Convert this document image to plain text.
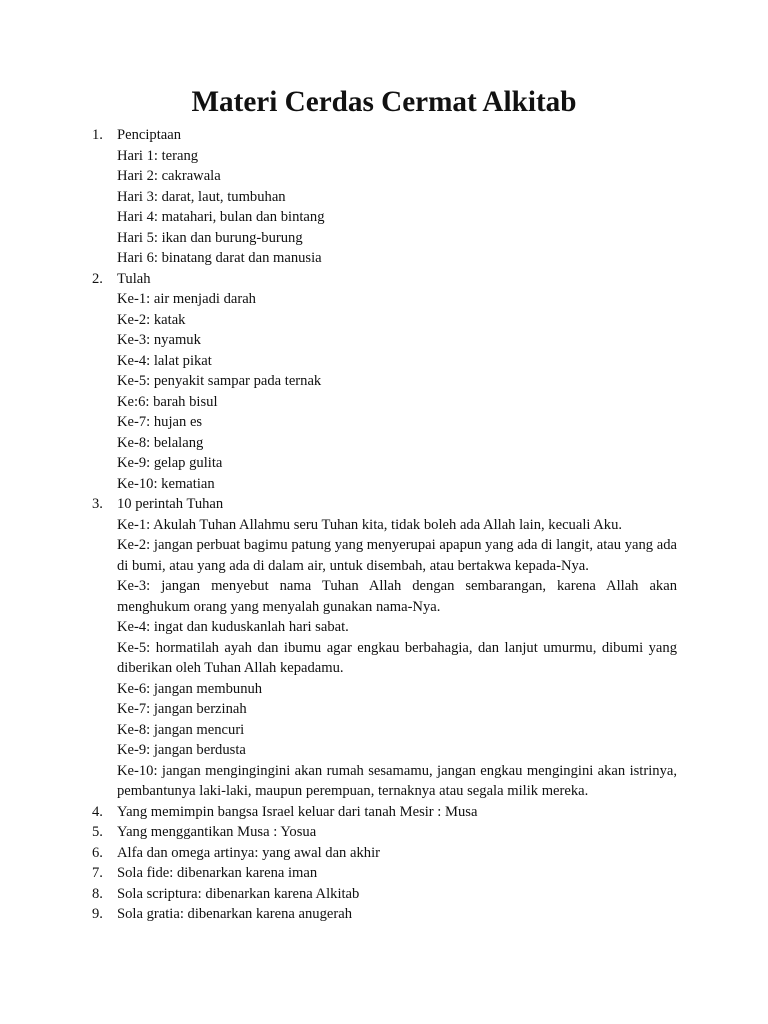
Materi Cerdas Cermat Alkitab
1. Penciptaan
Hari 1: terang
Hari 2: cakrawala
Hari 3: darat, laut, tumbuhan
Hari 4: matahari, bulan dan bintang
Hari 5: ikan dan burung-burung
Hari 6: binatang darat dan manusia
2. Tulah
Ke-1: air menjadi darah
Ke-2: katak
Ke-3: nyamuk
Ke-4: lalat pikat
Ke-5: penyakit sampar pada ternak
Ke:6: barah bisul
Ke-7: hujan es
Ke-8: belalang
Ke-9: gelap gulita
Ke-10: kematian
3. 10 perintah Tuhan
Ke-1: Akulah Tuhan Allahmu seru Tuhan kita, tidak boleh ada Allah lain, kecuali Aku.
Ke-2: jangan perbuat bagimu patung yang menyerupai apapun yang ada di langit, atau yang ada di bumi, atau yang ada di dalam air, untuk disembah, atau bertakwa kepada-Nya.
Ke-3: jangan menyebut nama Tuhan Allah dengan sembarangan, karena Allah akan menghukum orang yang menyalah gunakan nama-Nya.
Ke-4: ingat dan kuduskanlah hari sabat.
Ke-5: hormatilah ayah dan ibumu agar engkau berbahagia, dan lanjut umurmu, dibumi yang diberikan oleh Tuhan Allah kepadamu.
Ke-6: jangan membunuh
Ke-7: jangan berzinah
Ke-8: jangan mencuri
Ke-9: jangan berdusta
Ke-10: jangan mengingingini akan rumah sesamamu, jangan engkau mengingini akan istrinya, pembantunya laki-laki, maupun perempuan, ternaknya atau segala milik mereka.
4. Yang memimpin bangsa Israel keluar dari tanah Mesir : Musa
5. Yang menggantikan Musa : Yosua
6. Alfa dan omega artinya: yang awal dan akhir
7. Sola fide: dibenarkan karena iman
8. Sola scriptura: dibenarkan karena Alkitab
9. Sola gratia: dibenarkan karena anugerah
